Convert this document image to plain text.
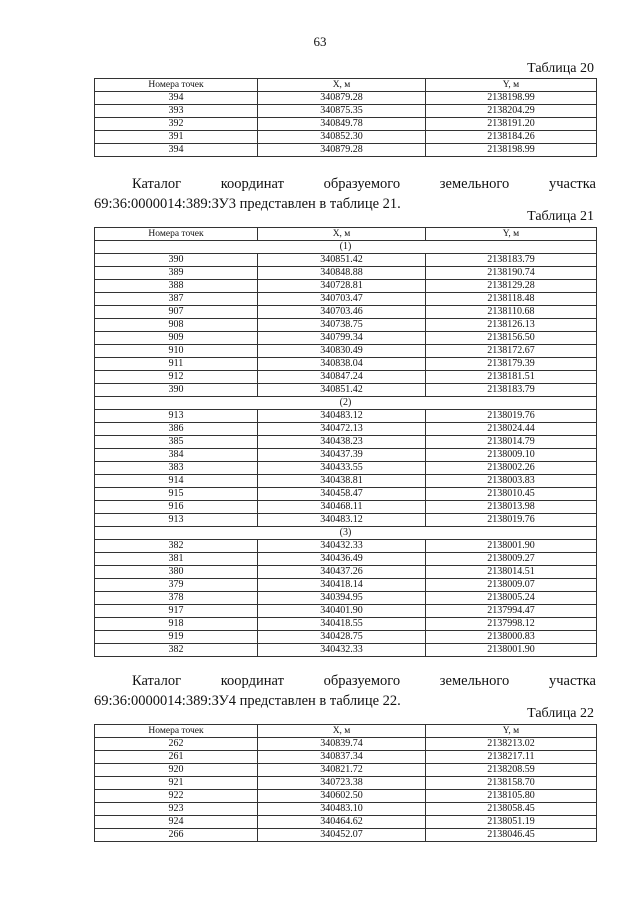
63
Таблица 20
Номера точек	X, м	Y, м
394	340879.28	2138198.99
393	340875.35	2138204.29
392	340849.78	2138191.20
391	340852.30	2138184.26
394	340879.28	2138198.99
Каталог	координат	образуемого	земельного	участка
69:36:0000014:389:ЗУ3 представлен в таблице 21.
Таблица 21
Номера точек	X, м	Y, м
(1)		
390	340851.42	2138183.79
389	340848.88	2138190.74
388	340728.81	2138129.28
387	340703.47	2138118.48
907	340703.46	2138110.68
908	340738.75	2138126.13
909	340799.34	2138156.50
910	340830.49	2138172.67
911	340838.04	2138179.39
912	340847.24	2138181.51
390	340851.42	2138183.79
(2)		
913	340483.12	2138019.76
386	340472.13	2138024.44
385	340438.23	2138014.79
384	340437.39	2138009.10
383	340433.55	2138002.26
914	340438.81	2138003.83
915	340458.47	2138010.45
916	340468.11	2138013.98
913	340483.12	2138019.76
(3)		
382	340432.33	2138001.90
381	340436.49	2138009.27
380	340437.26	2138014.51
379	340418.14	2138009.07
378	340394.95	2138005.24
917	340401.90	2137994.47
918	340418.55	2137998.12
919	340428.75	2138000.83
382	340432.33	2138001.90
Каталог	координат	образуемого	земельного	участка
69:36:0000014:389:ЗУ4 представлен в таблице 22.
Таблица 22
Номера точек	X, м	Y, м
262	340839.74	2138213.02
261	340837.34	2138217.11
920	340821.72	2138208.59
921	340723.38	2138158.70
922	340602.50	2138105.80
923	340483.10	2138058.45
924	340464.62	2138051.19
266	340452.07	2138046.45
